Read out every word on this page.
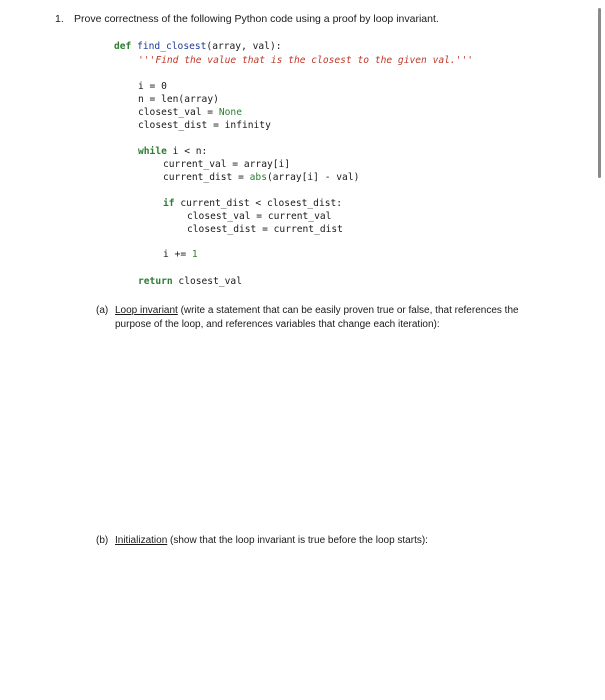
1. Prove correctness of the following Python code using a proof by loop invariant.

def find_closest(array, val):

'''Find the value that is the closest to the given val.'''

i = 0

n = len(array)

closest_val = None

closest_dist = infinity

while i < n:

current_val = array[i]

current_dist = abs(array[i] - val)

if current_dist < closest_dist:

closest_val = current_val

closest_dist = current_dist

i += 1

return closest_val

(a) Loop invariant (write a statement that can be easily proven true or false, that references the purpose of the loop, and references variables that change each iteration):
(b) Initialization (show that the loop invariant is true before the loop starts):
